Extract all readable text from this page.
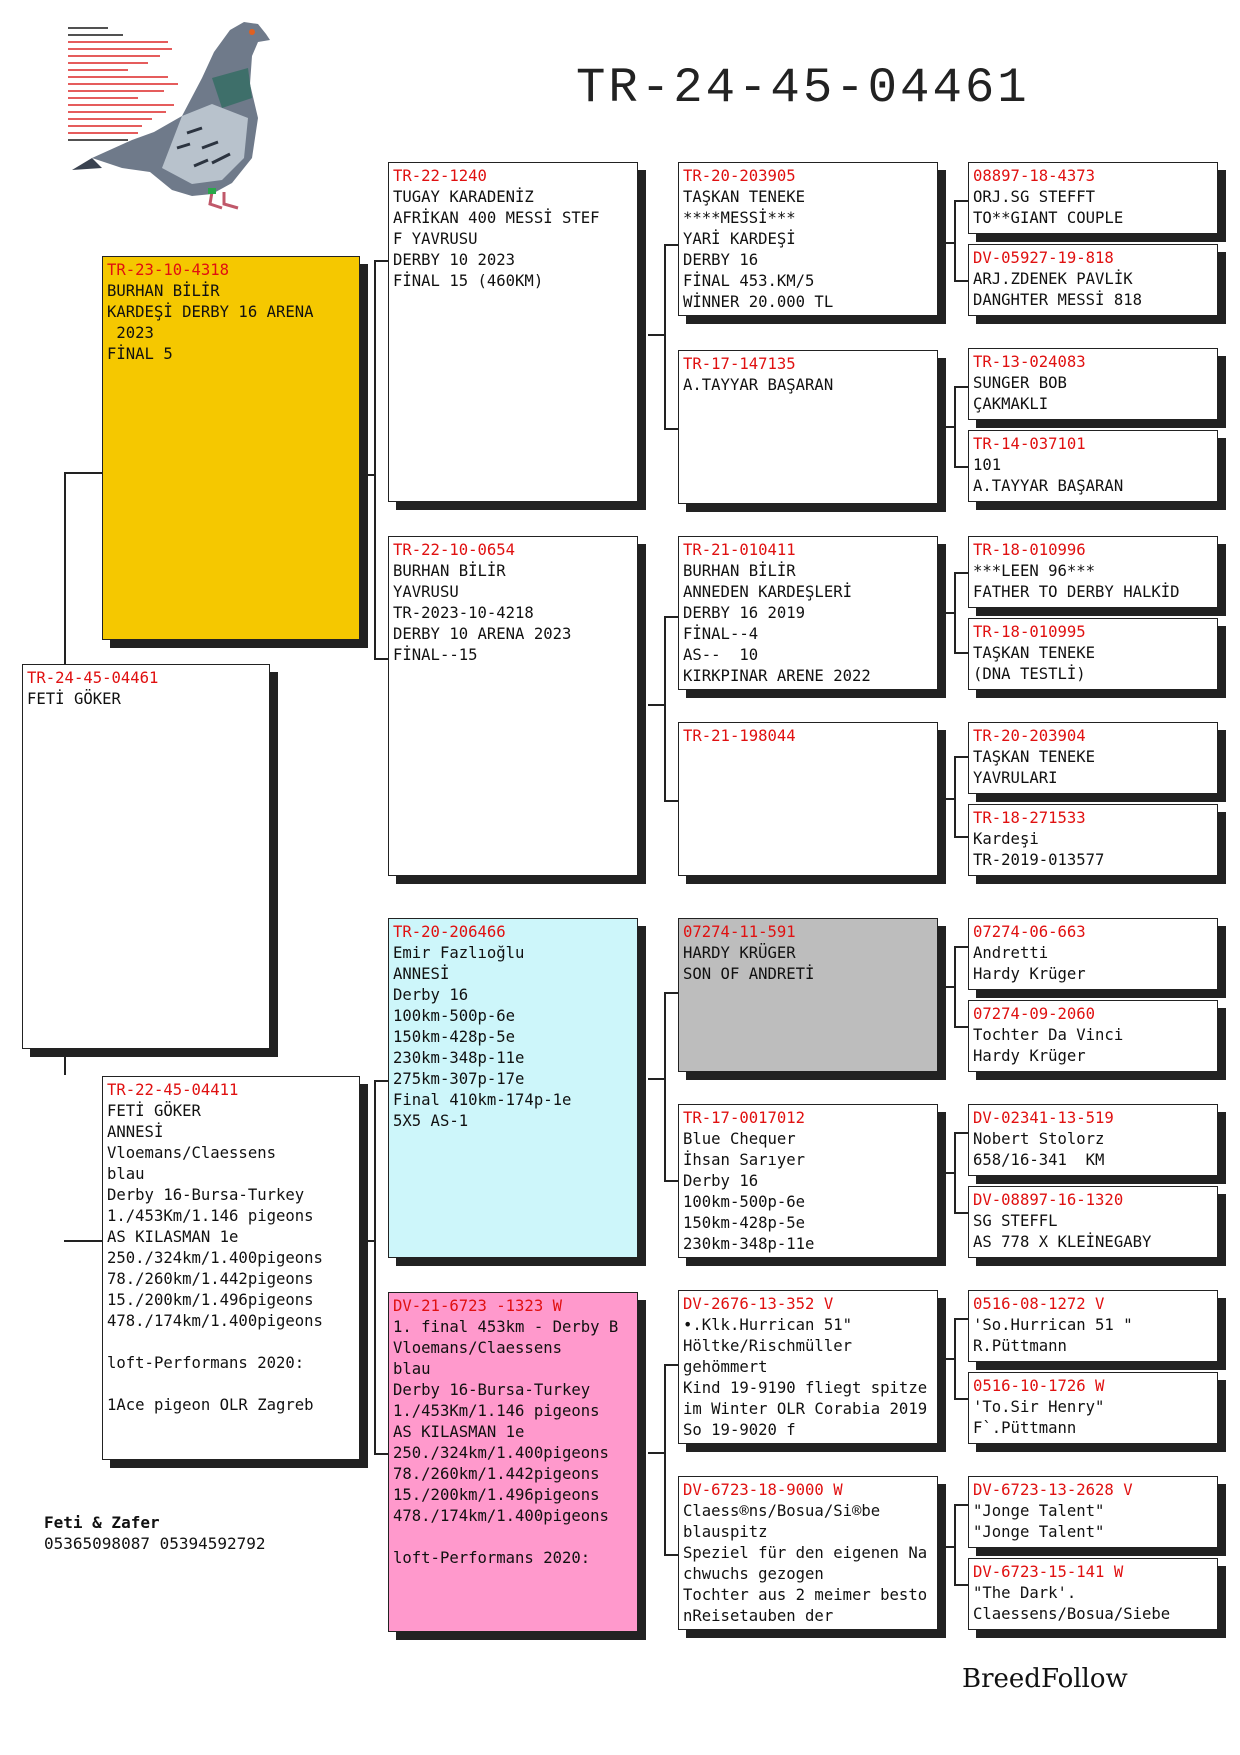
TR-24-45-04461
TR-24-45-04461
FETİ GÖKER
TR-23-10-4318
BURHAN BİLİR
KARDEŞİ DERBY 16 ARENA
2023
FİNAL 5
TR-22-45-04411
FETİ GÖKER
ANNESİ
Vloemans/Claessens
blau
Derby 16-Bursa-Turkey
1./453Km/1.146 pigeons
AS KILASMAN 1e
250./324km/1.400pigeons
78./260km/1.442pigeons
15./200km/1.496pigeons
478./174km/1.400pigeons

loft-Performans 2020:

1Ace pigeon OLR Zagreb
TR-22-1240
TUGAY KARADENİZ
AFRİKAN 400 MESSİ STEF
F YAVRUSU
DERBY 10 2023
FİNAL 15 (460KM)
TR-22-10-0654
BURHAN BİLİR
YAVRUSU
TR-2023-10-4218
DERBY 10 ARENA 2023
FİNAL--15
TR-20-206466
Emir Fazlıoğlu
ANNESİ
Derby 16
100km-500p-6e
150km-428p-5e
230km-348p-11e
275km-307p-17e
Final 410km-174p-1e
5X5 AS-1
DV-21-6723 -1323 W
1. final 453km - Derby B
Vloemans/Claessens
blau
Derby 16-Bursa-Turkey
1./453Km/1.146 pigeons
AS KILASMAN 1e
250./324km/1.400pigeons
78./260km/1.442pigeons
15./200km/1.496pigeons
478./174km/1.400pigeons

loft-Performans 2020:
TR-20-203905
TAŞKAN TENEKE
****MESSİ***
YARİ KARDEŞİ
DERBY 16
FİNAL 453.KM/5
WİNNER 20.000 TL
TR-17-147135
A.TAYYAR BAŞARAN
TR-21-010411
BURHAN BİLİR
ANNEDEN KARDEŞLERİ
DERBY 16 2019
FİNAL--4
AS--  10
KIRKPINAR ARENE 2022
TR-21-198044
07274-11-591
HARDY KRÜGER
SON OF ANDRETİ
TR-17-0017012
Blue Chequer
İhsan Sarıyer
Derby 16
100km-500p-6e
150km-428p-5e
230km-348p-11e
DV-2676-13-352 V
•.Klk.Hurrican 51"
Höltke/Rischmüller
gehömmert
Kind 19-9190 fliegt spitze im Winter OLR Corabia 2019 So 19-9020 f
DV-6723-18-9000 W
Claess®ns/Bosua/Si®be
blauspitz
Speziel für den eigenen Nachwuchs gezogen
Tochter aus 2 meimer bestonReisetauben der
08897-18-4373
ORJ.SG STEFFT
TO**GIANT COUPLE
DV-05927-19-818
ARJ.ZDENEK PAVLİK
DANGHTER MESSİ 818
TR-13-024083
SUNGER BOB
ÇAKMAKLI
TR-14-037101
101
A.TAYYAR BAŞARAN
TR-18-010996
***LEEN 96***
FATHER TO DERBY HALKİD
TR-18-010995
TAŞKAN TENEKE
(DNA TESTLİ)
TR-20-203904
TAŞKAN TENEKE
YAVRULARI
TR-18-271533
Kardeşi
TR-2019-013577
07274-06-663
Andretti
Hardy Krüger
07274-09-2060
Tochter Da Vinci
Hardy Krüger
DV-02341-13-519
Nobert Stolorz
658/16-341  KM
DV-08897-16-1320
SG STEFFL
AS 778 X KLEİNEGABY
0516-08-1272 V
'So.Hurrican 51 "
R.Püttmann
0516-10-1726 W
'To.Sir Henry"
F`.Püttmann
DV-6723-13-2628 V
"Jonge Talent"
"Jonge Talent"
DV-6723-15-141 W
"The Dark'.
Claessens/Bosua/Siebe
Feti & Zafer
05365098087 05394592792
BreedFollow
